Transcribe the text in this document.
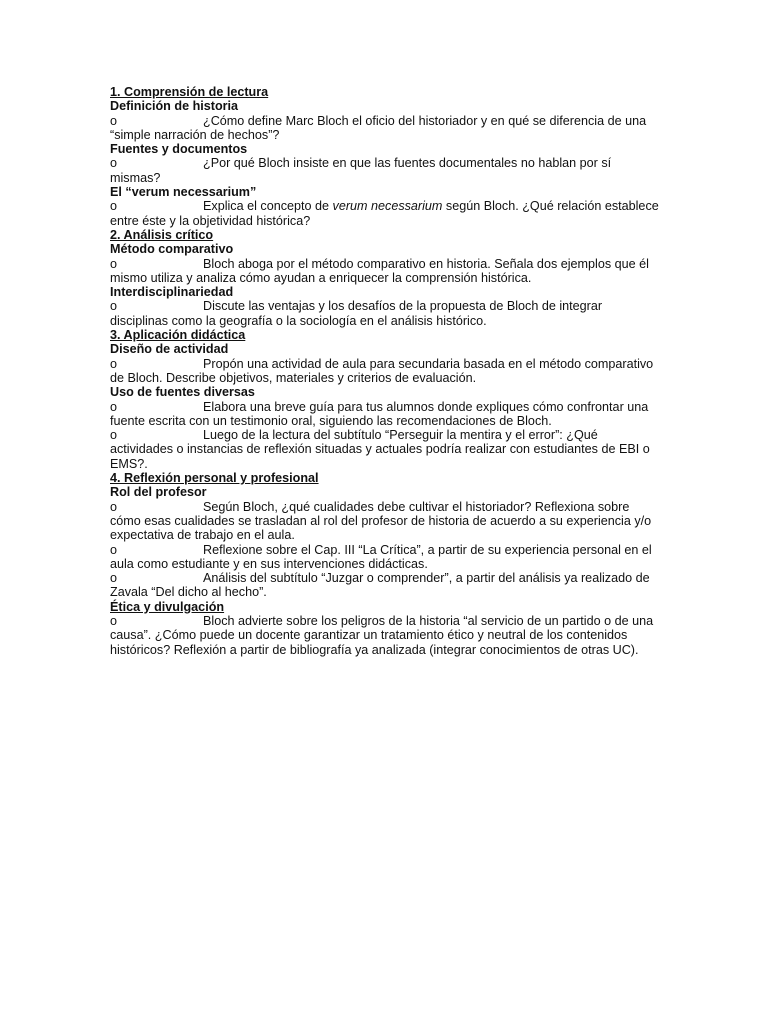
1. Comprensión de lectura
Definición de historia

o	¿Cómo define Marc Bloch el oficio del historiador y en qué se diferencia de una “simple narración de hechos”?

Fuentes y documentos

o	¿Por qué Bloch insiste en que las fuentes documentales no hablan por sí mismas?

El “verum necessarium”

o	Explica el concepto de verum necessarium según Bloch. ¿Qué relación establece entre éste y la objetividad histórica?

2. Análisis crítico
Método comparativo

o	Bloch aboga por el método comparativo en historia. Señala dos ejemplos que él mismo utiliza y analiza cómo ayudan a enriquecer la comprensión histórica.

Interdisciplinariedad

o	Discute las ventajas y los desafíos de la propuesta de Bloch de integrar disciplinas como la geografía o la sociología en el análisis histórico.

3. Aplicación didáctica
Diseño de actividad

o	Propón una actividad de aula para secundaria basada en el método comparativo de Bloch. Describe objetivos, materiales y criterios de evaluación.

Uso de fuentes diversas

o	Elabora una breve guía para tus alumnos donde expliques cómo confrontar una fuente escrita con un testimonio oral, siguiendo las recomendaciones de Bloch.

o	Luego de la lectura del subtítulo “Perseguir la mentira y el error”: ¿Qué actividades o instancias de reflexión situadas y actuales podría realizar con estudiantes de EBI o EMS?.

4. Reflexión personal y profesional
Rol del profesor

o	Según Bloch, ¿qué cualidades debe cultivar el historiador? Reflexiona sobre cómo esas cualidades se trasladan al rol del profesor de historia de acuerdo a su experiencia y/o expectativa de trabajo en el aula.

o	Reflexione sobre el Cap. III “La Crítica”, a partir de su experiencia personal en el aula como estudiante y en sus intervenciones didácticas.

o	Análisis del subtítulo “Juzgar o comprender”, a partir del análisis ya realizado de Zavala “Del dicho al hecho”.

Ética y divulgación

o	Bloch advierte sobre los peligros de la historia “al servicio de un partido o de una causa”. ¿Cómo puede un docente garantizar un tratamiento ético y neutral de los contenidos históricos? Reflexión a partir de bibliografía ya analizada (integrar conocimientos de otras UC).
